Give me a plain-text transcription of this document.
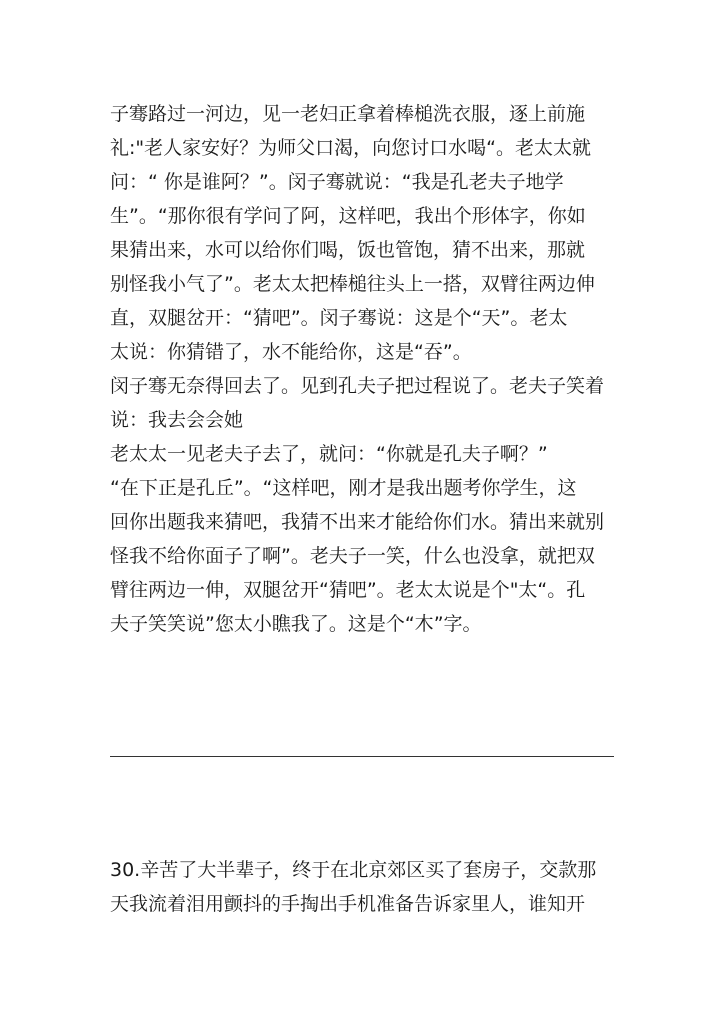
子骞路过一河边，见一老妇正拿着棒槌洗衣服，逐上前施
礼:"老人家安好？为师父口渴，向您讨口水喝“。老太太就
问：“ 你是谁阿？”。闵子骞就说：“我是孔老夫子地学
生”。“那你很有学问了阿，这样吧，我出个形体字，你如
果猜出来，水可以给你们喝，饭也管饱，猜不出来，那就
别怪我小气了”。老太太把棒槌往头上一搭，双臂往两边伸
直，双腿岔开：“猜吧”。闵子骞说：这是个“天”。老太
太说：你猜错了，水不能给你，这是“吞”。
闵子骞无奈得回去了。见到孔夫子把过程说了。老夫子笑着
说：我去会会她
老太太一见老夫子去了，就问：“你就是孔夫子啊？”
“在下正是孔丘”。“这样吧，刚才是我出题考你学生，这
回你出题我来猜吧，我猜不出来才能给你们水。猜出来就别
怪我不给你面子了啊”。老夫子一笑，什么也没拿，就把双
臂往两边一伸，双腿岔开“猜吧”。老太太说是个"太“。孔
夫子笑笑说”您太小瞧我了。这是个“木”字。
30.辛苦了大半辈子，终于在北京郊区买了套房子，交款那
天我流着泪用颤抖的手掏出手机准备告诉家里人，谁知开
